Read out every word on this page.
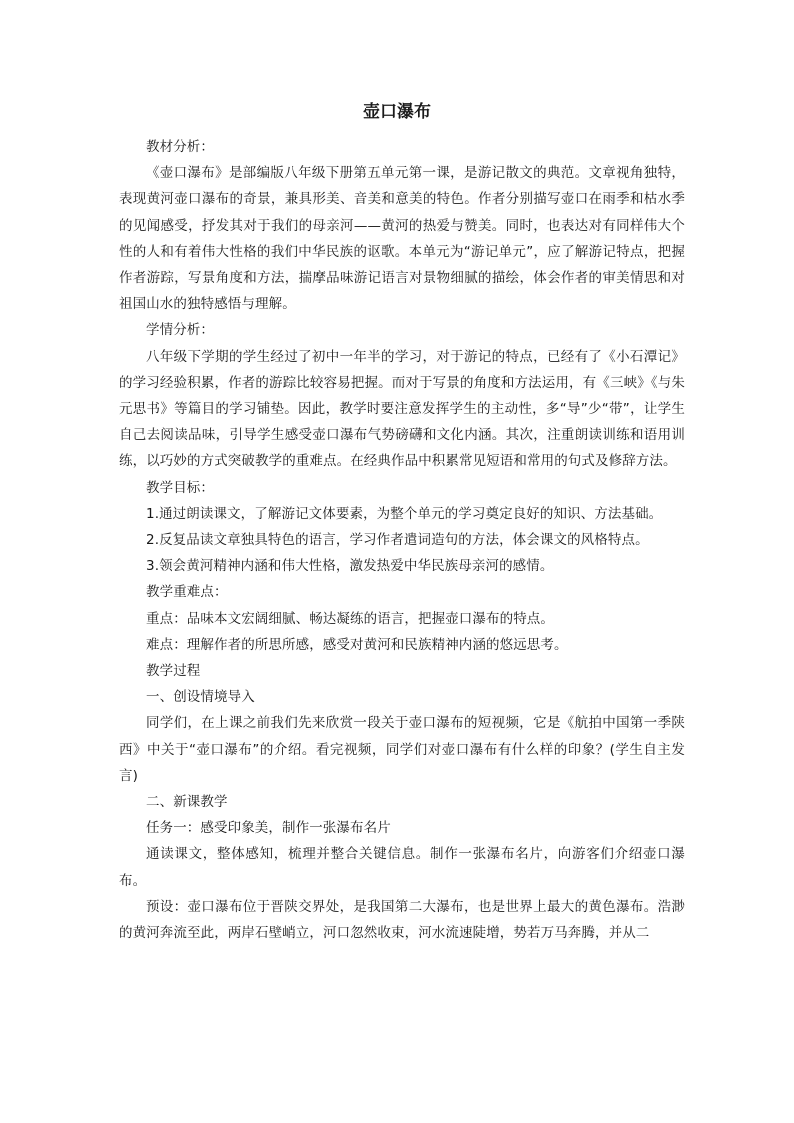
壶口瀑布

教材分析：

《壶口瀑布》是部编版八年级下册第五单元第一课，是游记散文的典范。文章视角独特，表现黄河壶口瀑布的奇景，兼具形美、音美和意美的特色。作者分别描写壶口在雨季和枯水季的见闻感受，抒发其对于我们的母亲河——黄河的热爱与赞美。同时，也表达对有同样伟大个性的人和有着伟大性格的我们中华民族的讴歌。本单元为“游记单元”，应了解游记特点，把握作者游踪，写景角度和方法，揣摩品味游记语言对景物细腻的描绘，体会作者的审美情思和对祖国山水的独特感悟与理解。

学情分析：

八年级下学期的学生经过了初中一年半的学习，对于游记的特点，已经有了《小石潭记》的学习经验积累，作者的游踪比较容易把握。而对于写景的角度和方法运用，有《三峡》《与朱元思书》等篇目的学习铺垫。因此，教学时要注意发挥学生的主动性，多“导”少“带”，让学生自己去阅读品味，引导学生感受壶口瀑布气势磅礴和文化内涵。其次，注重朗读训练和语用训练，以巧妙的方式突破教学的重难点。在经典作品中积累常见短语和常用的句式及修辞方法。

教学目标：

1.通过朗读课文，了解游记文体要素，为整个单元的学习奠定良好的知识、方法基础。

2.反复品读文章独具特色的语言，学习作者遣词造句的方法，体会课文的风格特点。

3.领会黄河精神内涵和伟大性格，激发热爱中华民族母亲河的感情。

教学重难点：

重点：品味本文宏阔细腻、畅达凝练的语言，把握壶口瀑布的特点。

难点：理解作者的所思所感，感受对黄河和民族精神内涵的悠远思考。

教学过程

一、创设情境导入

同学们，在上课之前我们先来欣赏一段关于壶口瀑布的短视频，它是《航拍中国第一季陕西》中关于“壶口瀑布”的介绍。看完视频，同学们对壶口瀑布有什么样的印象？(学生自主发言)

二、新课教学

任务一：感受印象美，制作一张瀑布名片

通读课文，整体感知，梳理并整合关键信息。制作一张瀑布名片，向游客们介绍壶口瀑布。

预设：壶口瀑布位于晋陕交界处，是我国第二大瀑布，也是世界上最大的黄色瀑布。浩渺的黄河奔流至此，两岸石壁峭立，河口忽然收束，河水流速陡增，势若万马奔腾，并从二
